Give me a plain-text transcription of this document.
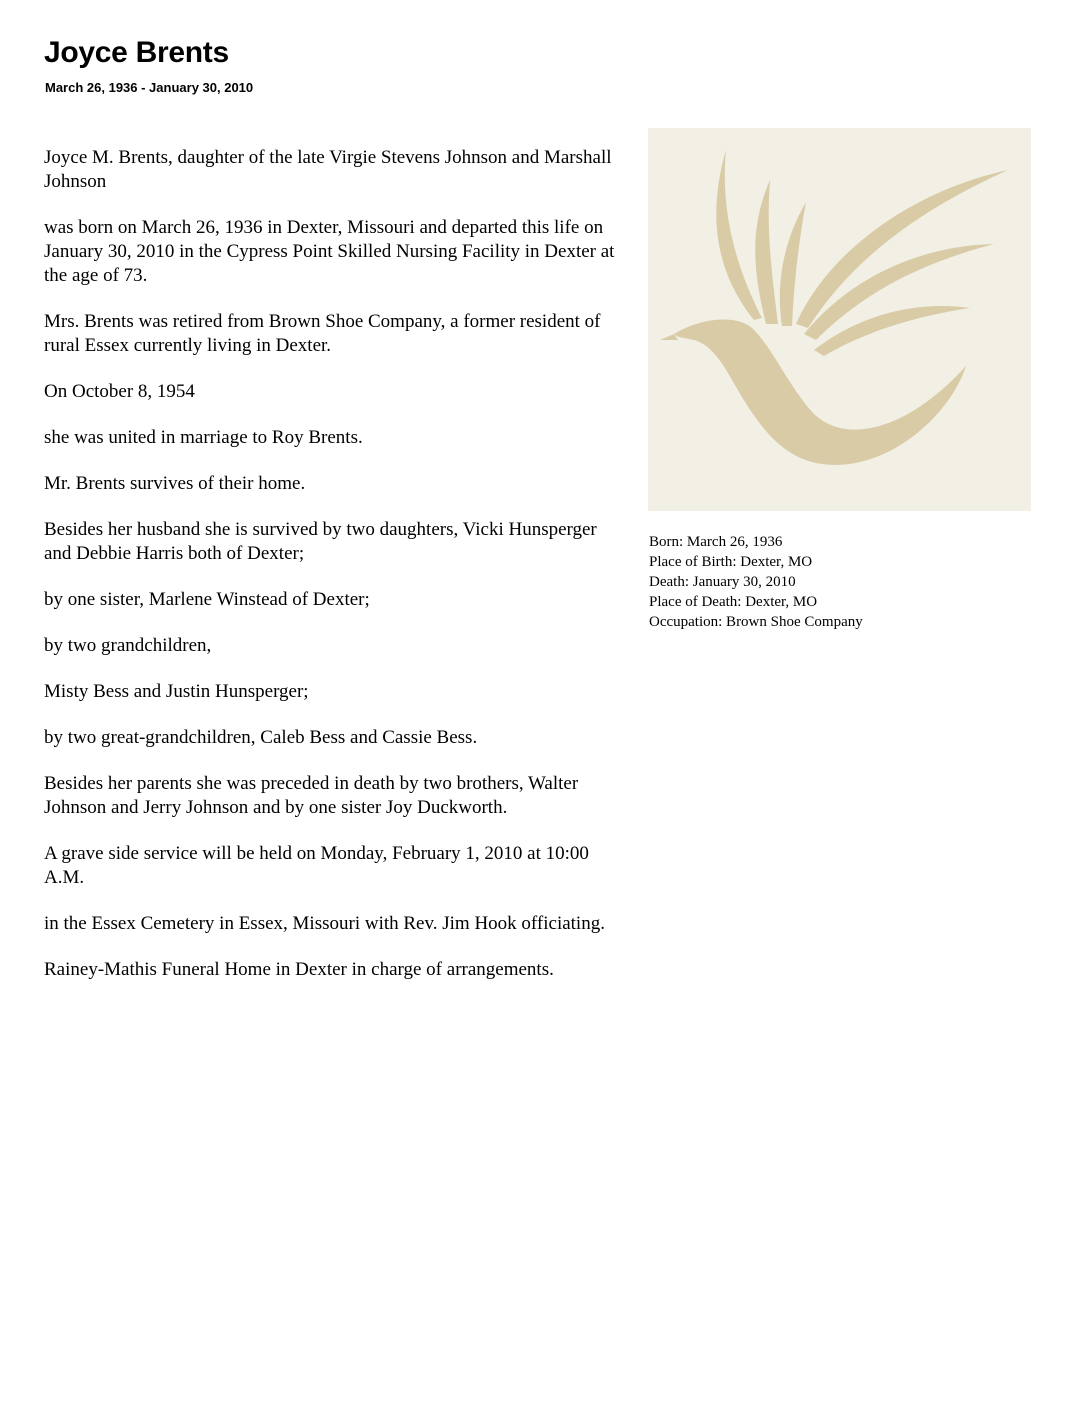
Joyce Brents
March 26, 1936 - January 30, 2010

Joyce M. Brents, daughter of the late Virgie Stevens Johnson and Marshall Johnson

was born on March 26, 1936 in Dexter, Missouri and departed this life on January 30, 2010 in the Cypress Point Skilled Nursing Facility in Dexter at the age of 73.

Mrs. Brents was retired from Brown Shoe Company, a former resident of rural Essex currently living in Dexter.

On October 8, 1954

she was united in marriage to Roy Brents.

Mr. Brents survives of their home.

Besides her husband she is survived by two daughters, Vicki Hunsperger and Debbie Harris both of Dexter;

by one sister, Marlene Winstead of Dexter;

by two grandchildren,

Misty Bess and Justin Hunsperger;

by two great-grandchildren, Caleb Bess and Cassie Bess.

Besides her parents she was preceded in death by two brothers, Walter Johnson and Jerry Johnson and by one sister Joy Duckworth.

A grave side service will be held on Monday, February 1, 2010 at 10:00 A.M.

in the Essex Cemetery in Essex, Missouri with Rev. Jim Hook officiating.

Rainey-Mathis Funeral Home in Dexter in charge of arrangements.

Born: March 26, 1936
Place of Birth: Dexter, MO
Death: January 30, 2010
Place of Death: Dexter, MO
Occupation: Brown Shoe Company
